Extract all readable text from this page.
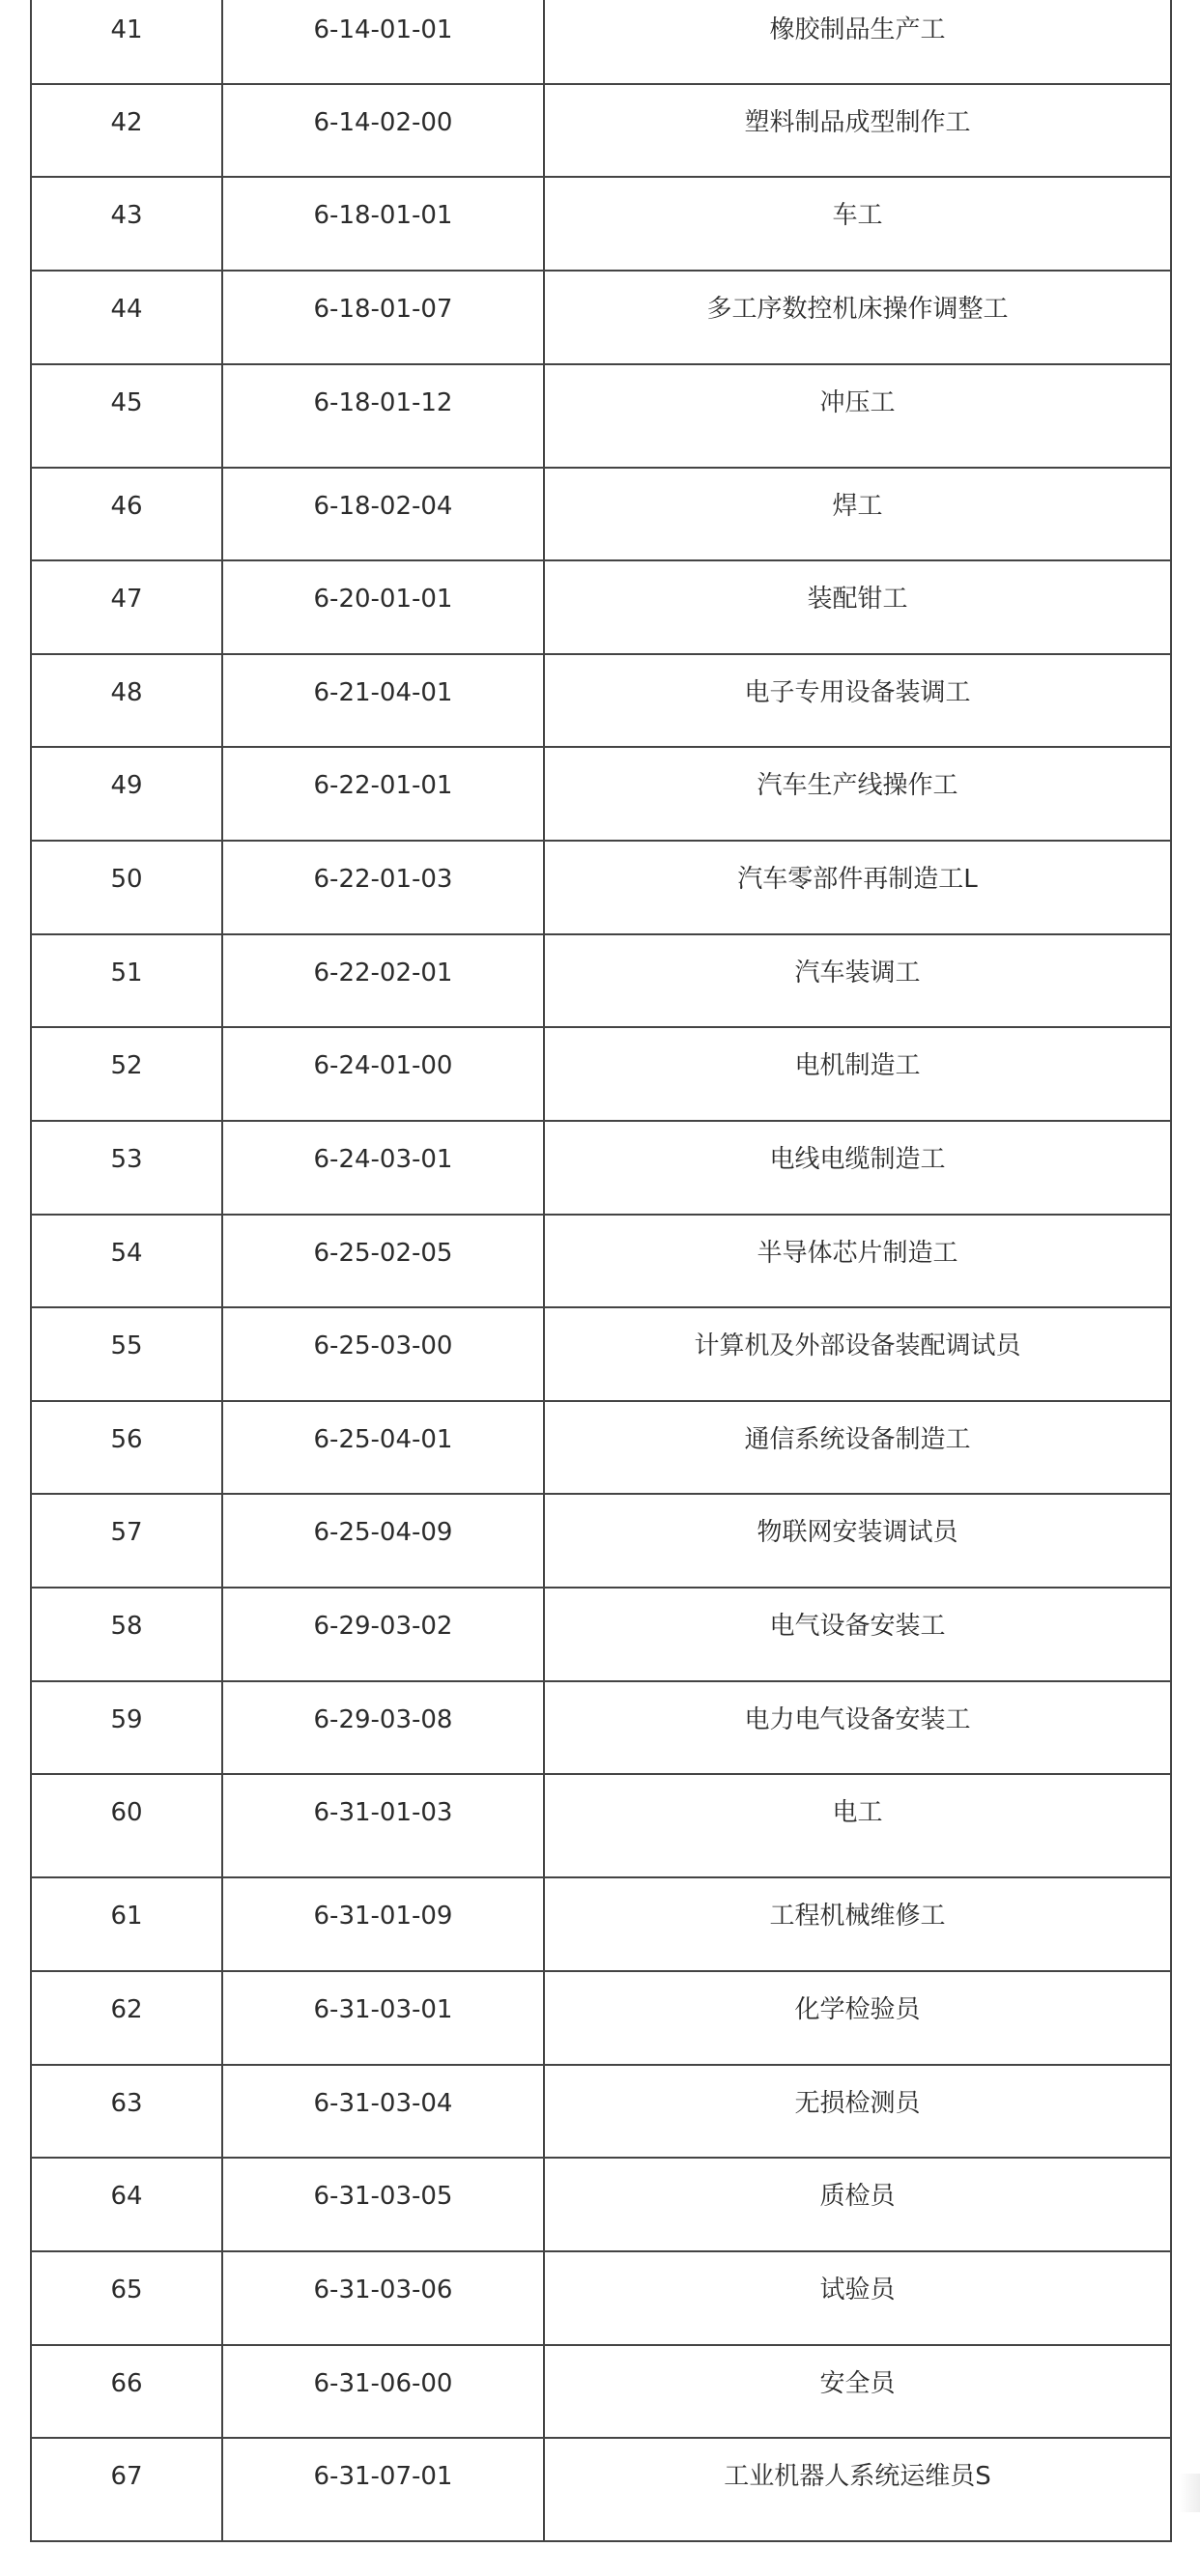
41	6-14-01-01	橡胶制品生产工

42	6-14-02-00	塑料制品成型制作工

43	6-18-01-01	车工

44	6-18-01-07	多工序数控机床操作调整工

45	6-18-01-12	冲压工

46	6-18-02-04	焊工

47	6-20-01-01	装配钳工

48	6-21-04-01	电子专用设备装调工

49	6-22-01-01	汽车生产线操作工

50	6-22-01-03	汽车零部件再制造工L

51	6-22-02-01	汽车装调工

52	6-24-01-00	电机制造工

53	6-24-03-01	电线电缆制造工

54	6-25-02-05	半导体芯片制造工

55	6-25-03-00	计算机及外部设备装配调试员

56	6-25-04-01	通信系统设备制造工

57	6-25-04-09	物联网安装调试员

58	6-29-03-02	电气设备安装工

59	6-29-03-08	电力电气设备安装工

60	6-31-01-03	电工

61	6-31-01-09	工程机械维修工

62	6-31-03-01	化学检验员

63	6-31-03-04	无损检测员

64	6-31-03-05	质检员

65	6-31-03-06	试验员

66	6-31-06-00	安全员

67	6-31-07-01	工业机器人系统运维员S
